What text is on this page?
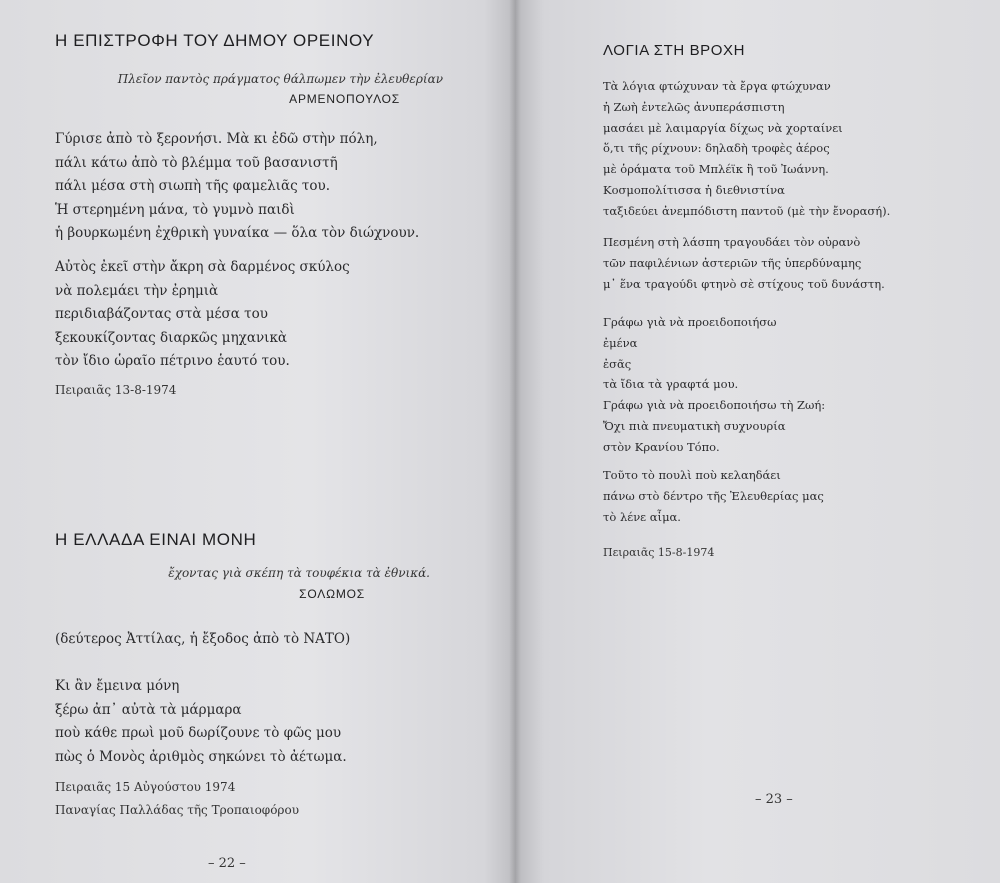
Η ΕΠΙΣΤΡΟΦΗ ΤΟΥ ΔΗΜΟΥ ΟΡΕΙΝΟΥ
Πλεῖον παντὸς πράγματος θάλπωμεν τὴν ἐλευθερίαν
ΑΡΜΕΝΟΠΟΥΛΟΣ
Γύρισε ἀπὸ τὸ ξερονήσι. Μὰ κι ἐδῶ στὴν πόλη,
πάλι κάτω ἀπὸ τὸ βλέμμα τοῦ βασανιστῆ
πάλι μέσα στὴ σιωπὴ τῆς φαμελιᾶς του.
Ἡ στερημένη μάνα, τὸ γυμνὸ παιδὶ
ἡ βουρκωμένη ἐχθρικὴ γυναίκα — ὅλα τὸν διώχνουν.
Αὐτὸς ἐκεῖ στὴν ἄκρη σὰ δαρμένος σκύλος
νὰ πολεμάει τὴν ἐρημιὰ
περιδιαβάζοντας στὰ μέσα του
ξεκουκίζοντας διαρκῶς μηχανικὰ
τὸν ἴδιο ὡραῖο πέτρινο ἑαυτό του.
Πειραιᾶς 13-8-1974
Η ΕΛΛΑΔΑ ΕΙΝΑΙ ΜΟΝΗ
ἔχοντας γιὰ σκέπη τὰ τουφέκια τὰ ἐθνικά.
ΣΟΛΩΜΟΣ
(δεύτερος Ἀττίλας, ἡ ἔξοδος ἀπὸ τὸ ΝΑΤΟ)
Κι ἂν ἔμεινα μόνη
ξέρω ἀπ᾽ αὐτὰ τὰ μάρμαρα
ποὺ κάθε πρωὶ μοῦ δωρίζουνε τὸ φῶς μου
πὼς ὁ Μονὸς ἀριθμὸς σηκώνει τὸ ἀέτωμα.
Πειραιᾶς 15 Αὐγούστου 1974
Παναγίας Παλλάδας τῆς Τροπαιοφόρου
– 22 –
ΛΟΓΙΑ ΣΤΗ ΒΡΟΧΗ
Τὰ λόγια φτώχυναν τὰ ἔργα φτώχυναν
ἡ Ζωὴ ἐντελῶς ἀνυπεράσπιστη
μασάει μὲ λαιμαργία δίχως νὰ χορταίνει
ὅ,τι τῆς ρίχνουν: δηλαδὴ τροφὲς ἀέρος
μὲ ὁράματα τοῦ Μπλέϊκ ἢ τοῦ Ἰωάννη.
Κοσμοπολίτισσα ἡ διεθνιστίνα
ταξιδεύει ἀνεμπόδιστη παντοῦ (μὲ τὴν ἔνορασή).
Πεσμένη στὴ λάσπη τραγουδάει τὸν οὐρανὸ
τῶν παφιλένιων ἀστεριῶν τῆς ὑπερδύναμης
μ᾽ ἕνα τραγούδι φτηνὸ σὲ στίχους τοῦ δυνάστη.
Γράφω γιὰ νὰ προειδοποιήσω
ἐμένα
ἐσᾶς
τὰ ἴδια τὰ γραφτά μου.
Γράφω γιὰ νὰ προειδοποιήσω τὴ Ζωή:
Ὄχι πιὰ πνευματικὴ συχνουρία
στὸν Κρανίου Τόπο.
Τοῦτο τὸ πουλὶ ποὺ κελαηδάει
πάνω στὸ δέντρο τῆς Ἐλευθερίας μας
τὸ λένε αἷμα.
Πειραιᾶς 15-8-1974
– 23 –
